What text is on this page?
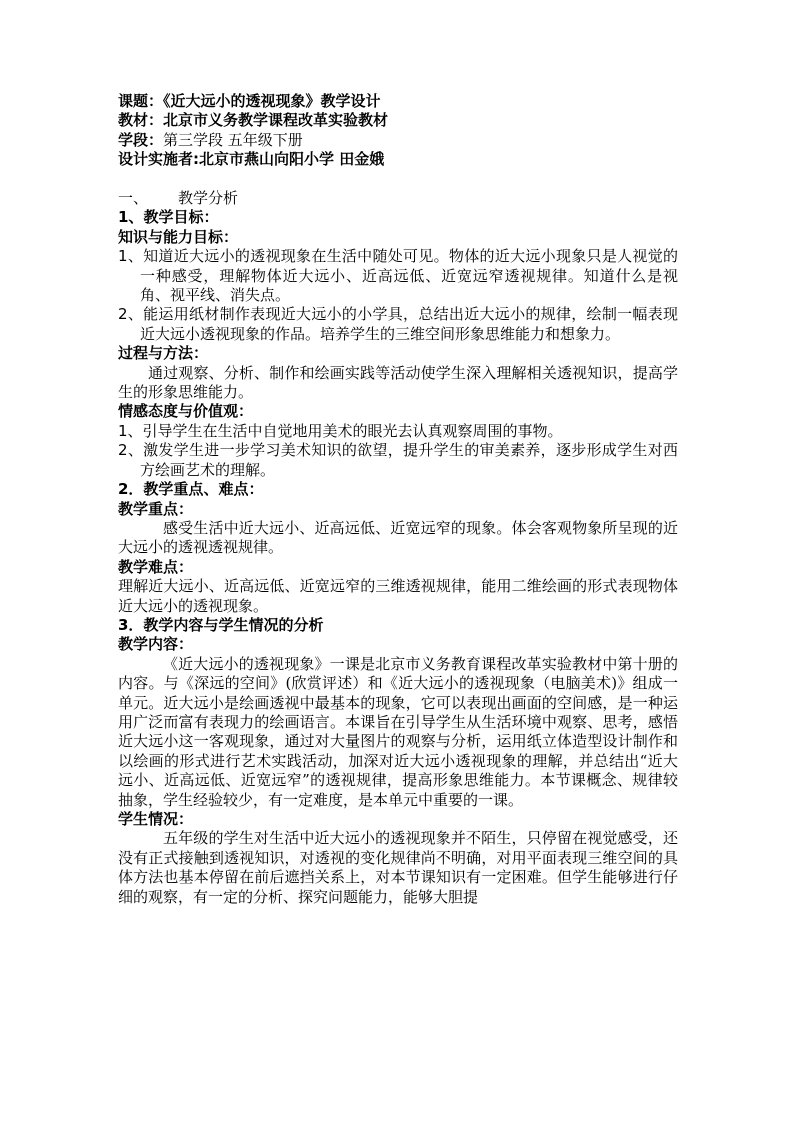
课题：《近大远小的透视现象》教学设计
教材：北京市义务教学课程改革实验教材
学段：第三学段 五年级下册
设计实施者:北京市燕山向阳小学 田金娥
一、 教学分析
1、教学目标：
知识与能力目标：

1、知道近大远小的透视现象在生活中随处可见。物体的近大远小现象只是人视觉的一种感受，理解物体近大远小、近高远低、近宽远窄透视规律。知道什么是视角、视平线、消失点。

2、能运用纸材制作表现近大远小的小学具，总结出近大远小的规律，绘制一幅表现近大远小透视现象的作品。培养学生的三维空间形象思维能力和想象力。

过程与方法：

通过观察、分析、制作和绘画实践等活动使学生深入理解相关透视知识，提高学生的形象思维能力。

情感态度与价值观：

1、引导学生在生活中自觉地用美术的眼光去认真观察周围的事物。

2、激发学生进一步学习美术知识的欲望，提升学生的审美素养，逐步形成学生对西方绘画艺术的理解。

2．教学重点、难点：
教学重点：

感受生活中近大远小、近高远低、近宽远窄的现象。体会客观物象所呈现的近大远小的透视透视规律。

教学难点：

理解近大远小、近高远低、近宽远窄的三维透视规律，能用二维绘画的形式表现物体近大远小的透视现象。

3．教学内容与学生情况的分析
教学内容：

《近大远小的透视现象》一课是北京市义务教育课程改革实验教材中第十册的内容。与《深远的空间》(欣赏评述）和《近大远小的透视现象（电脑美术)》组成一单元。近大远小是绘画透视中最基本的现象，它可以表现出画面的空间感，是一种运用广泛而富有表现力的绘画语言。本课旨在引导学生从生活环境中观察、思考，感悟近大远小这一客观现象，通过对大量图片的观察与分析，运用纸立体造型设计制作和以绘画的形式进行艺术实践活动，加深对近大远小透视现象的理解，并总结出“近大远小、近高远低、近宽远窄”的透视规律，提高形象思维能力。本节课概念、规律较抽象，学生经验较少，有一定难度，是本单元中重要的一课。

学生情况：

五年级的学生对生活中近大远小的透视现象并不陌生，只停留在视觉感受，还没有正式接触到透视知识，对透视的变化规律尚不明确，对用平面表现三维空间的具体方法也基本停留在前后遮挡关系上，对本节课知识有一定困难。但学生能够进行仔细的观察，有一定的分析、探究问题能力，能够大胆提
